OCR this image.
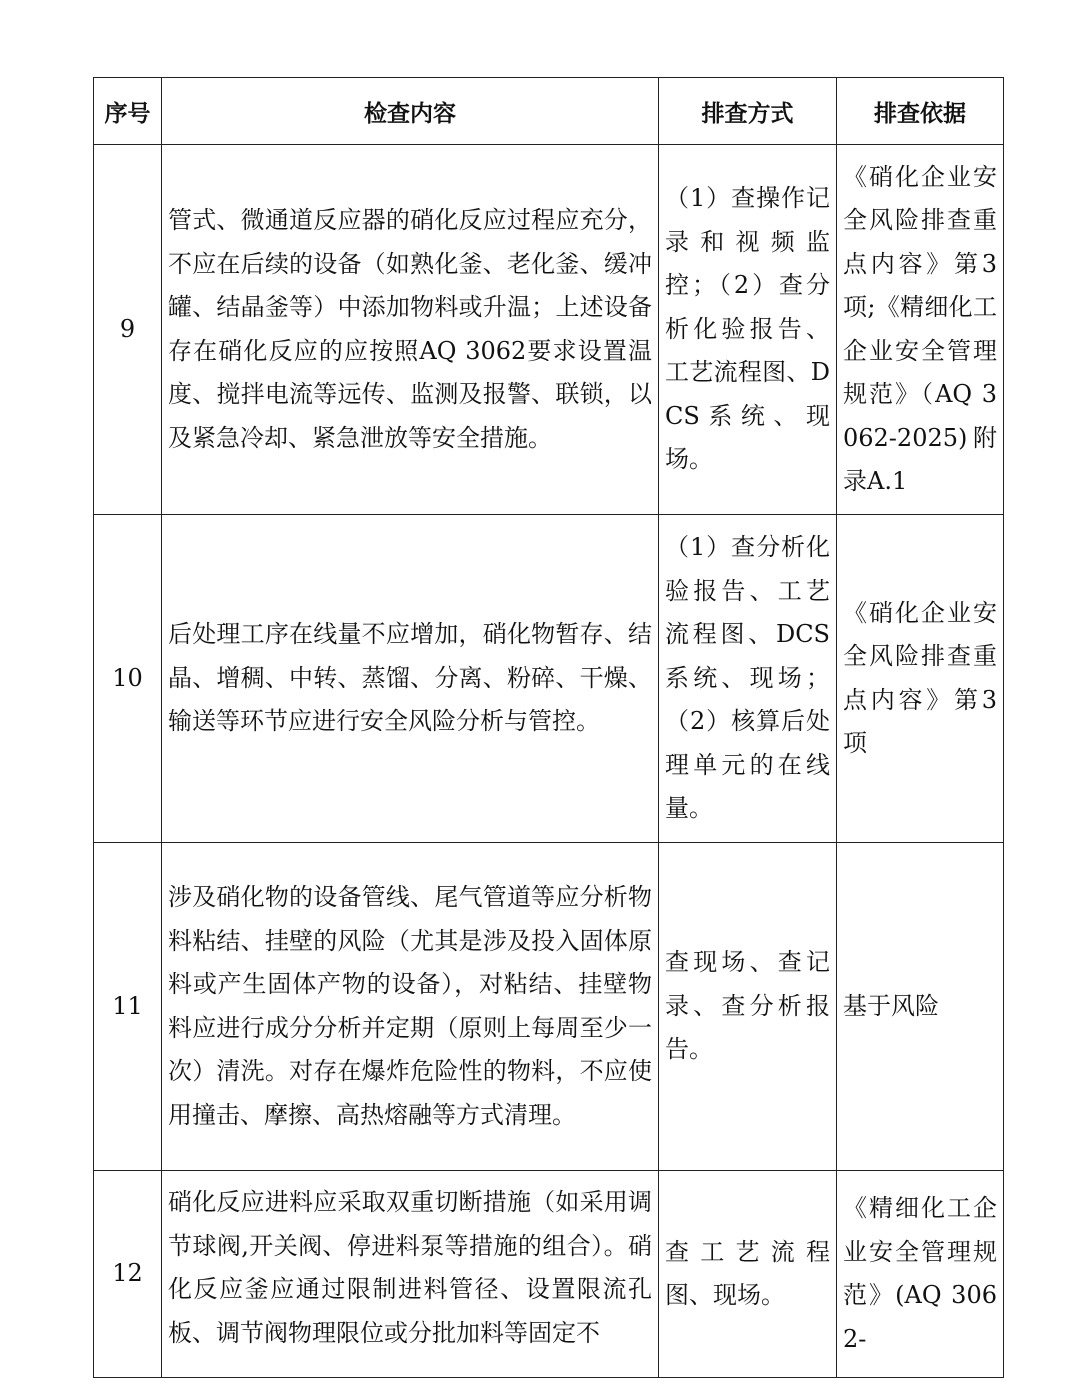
序号	检查内容	排查方式	排查依据
9	管式、微通道反应器的硝化反应过程应充分，不应在后续的设备（如熟化釜、老化釜、缓冲罐、结晶釜等）中添加物料或升温；上述设备存在硝化反应的应按照AQ 3062要求设置温度、搅拌电流等远传、监测及报警、联锁，以及紧急冷却、紧急泄放等安全措施。	（1）查操作记录和视频监控；（2）查分析化验报告、工艺流程图、DCS系统、现场。	《硝化企业安全风险排查重点内容》第3项;《精细化工企业安全管理规范》（AQ 3062-2025)附录A.1
10	后处理工序在线量不应增加，硝化物暂存、结晶、增稠、中转、蒸馏、分离、粉碎、干燥、输送等环节应进行安全风险分析与管控。	（1）查分析化验报告、工艺流程图、DCS系统、现场；（2）核算后处理单元的在线量。	《硝化企业安全风险排查重点内容》第3项
11	涉及硝化物的设备管线、尾气管道等应分析物料粘结、挂壁的风险（尤其是涉及投入固体原料或产生固体产物的设备），对粘结、挂壁物料应进行成分分析并定期（原则上每周至少一次）清洗。对存在爆炸危险性的物料，不应使用撞击、摩擦、高热熔融等方式清理。	查现场、查记录、查分析报告。	基于风险
12	硝化反应进料应采取双重切断措施（如采用调节球阀,开关阀、停进料泵等措施的组合）。硝化反应釜应通过限制进料管径、设置限流孔板、调节阀物理限位或分批加料等固定不	查工艺流程图、现场。	《精细化工企业安全管理规范》(AQ 3062-
